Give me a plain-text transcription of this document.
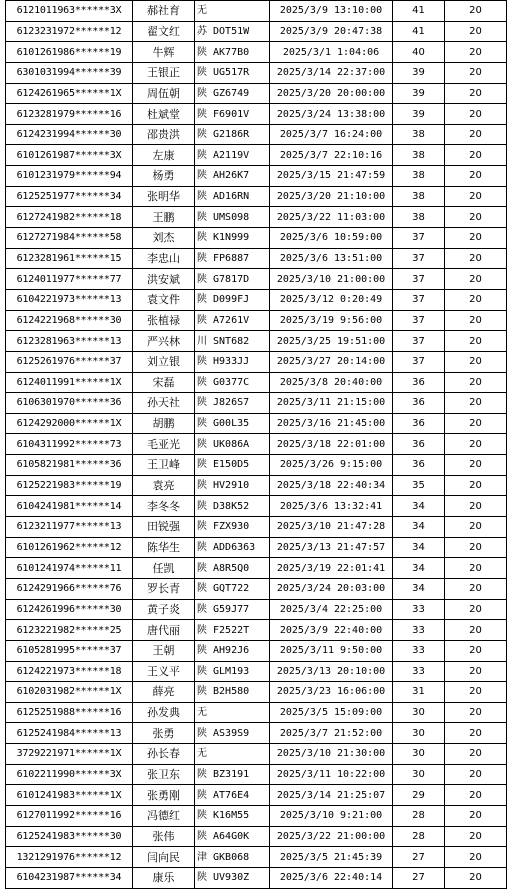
6121011963******3X	郝社育	无	2025/3/9 13:10:00	41	20
6123231972******12	翟文红	苏 DOT51W	2025/3/9 20:47:38	41	20
6101261986******19	牛辉	陕 AK77B0	2025/3/1 1:04:06	40	20
6301031994******39	王银正	陕 UG517R	2025/3/14 22:37:00	39	20
6124261965******1X	周伍朝	陕 GZ6749	2025/3/20 20:00:00	39	20
6123281979******16	杜斌堂	陕 F6901V	2025/3/24 13:38:00	39	20
6124231994******30	邵贵洪	陕 G2186R	2025/3/7 16:24:00	38	20
6101261987******3X	左康	陕 A2119V	2025/3/7 22:10:16	38	20
6101231979******94	杨勇	陕 AH26K7	2025/3/15 21:47:59	38	20
6125251977******34	张明华	陕 AD16RN	2025/3/20 21:10:00	38	20
6127241982******18	王鹏	陕 UMS098	2025/3/22 11:03:00	38	20
6127271984******58	刘杰	陕 K1N999	2025/3/6 10:59:00	37	20
6123281961******15	李忠山	陕 FP6887	2025/3/6 13:51:00	37	20
6124011977******77	洪安斌	陕 G7817D	2025/3/10 21:00:00	37	20
6104221973******13	袁文件	陕 D099FJ	2025/3/12 0:20:49	37	20
6124221968******30	张植禄	陕 A7261V	2025/3/19 9:56:00	37	20
6123281963******13	严兴林	川 SNT682	2025/3/25 19:51:00	37	20
6125261976******37	刘立银	陕 H933JJ	2025/3/27 20:14:00	37	20
6124011991******1X	宋磊	陕 G0377C	2025/3/8 20:40:00	36	20
6106301970******36	孙天社	陕 J826S7	2025/3/11 21:15:00	36	20
6124292000******1X	胡鹏	陕 G00L35	2025/3/16 21:45:00	36	20
6104311992******73	毛亚光	陕 UK086A	2025/3/18 22:01:00	36	20
6105821981******36	王卫峰	陕 E150D5	2025/3/26 9:15:00	36	20
6125221983******19	袁亮	陕 HV2910	2025/3/18 22:40:34	35	20
6104241981******14	李冬冬	陕 D38K52	2025/3/6 13:32:41	34	20
6123211977******13	田锐强	陕 FZX930	2025/3/10 21:47:28	34	20
6101261962******12	陈华生	陕 ADD6363	2025/3/13 21:47:57	34	20
6101241974******11	任凯	陕 A8R5Q0	2025/3/19 22:01:41	34	20
6124291966******76	罗长青	陕 GQT722	2025/3/24 20:03:00	34	20
6124261996******30	黄子炎	陕 G59J77	2025/3/4 22:25:00	33	20
6123221982******25	唐代丽	陕 F2522T	2025/3/9 22:40:00	33	20
6105281995******37	王朝	陕 AH92J6	2025/3/11 9:50:00	33	20
6124221973******18	王义平	陕 GLM193	2025/3/13 20:10:00	33	20
6102031982******1X	薛亮	陕 B2H580	2025/3/23 16:06:00	31	20
6125251988******16	孙发典	无	2025/3/5 15:09:00	30	20
6125241984******13	张勇	陕 AS39S9	2025/3/7 21:52:00	30	20
3729221971******1X	孙长春	无	2025/3/10 21:30:00	30	20
6102211990******3X	张卫东	陕 BZ3191	2025/3/11 10:22:00	30	20
6101241983******1X	张勇刚	陕 AT76E4	2025/3/14 21:25:07	29	20
6127011992******16	冯德红	陕 K16M55	2025/3/10 9:21:00	28	20
6125241983******30	张伟	陕 A64G0K	2025/3/22 21:00:00	28	20
1321291976******12	闫向民	津 GKB068	2025/3/5 21:45:39	27	20
6104231987******34	康乐	陕 UV930Z	2025/3/6 22:40:14	27	20
